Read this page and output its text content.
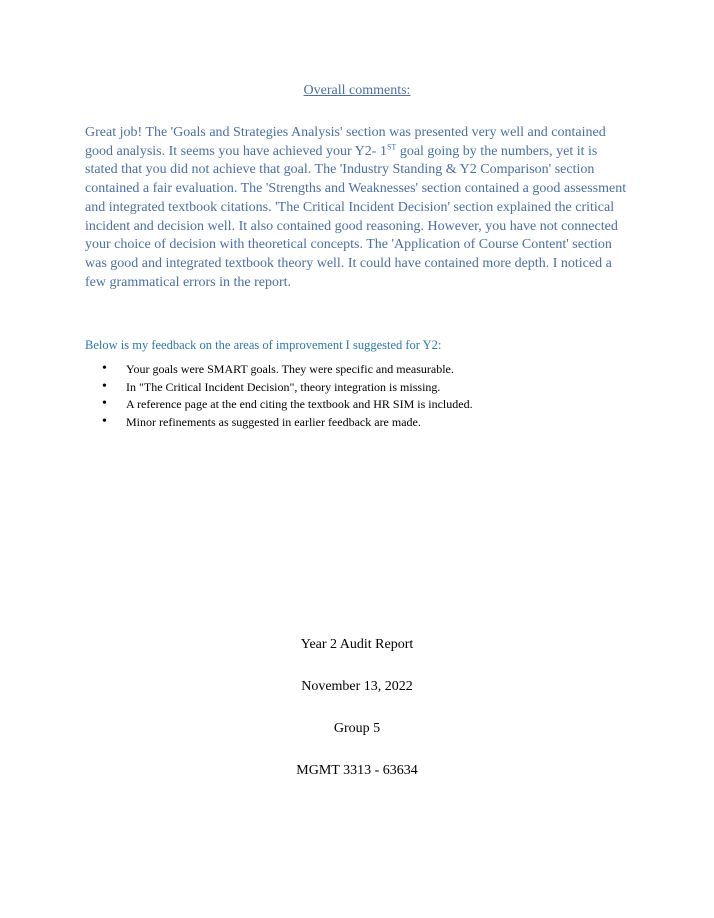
Overall comments:
Great job! The 'Goals and Strategies Analysis' section was presented very well and contained good analysis. It seems you have achieved your Y2- 1ST goal going by the numbers, yet it is stated that you did not achieve that goal. The 'Industry Standing & Y2 Comparison' section contained a fair evaluation. The 'Strengths and Weaknesses' section contained a good assessment and integrated textbook citations. 'The Critical Incident Decision' section explained the critical incident and decision well. It also contained good reasoning. However, you have not connected your choice of decision with theoretical concepts. The 'Application of Course Content' section was good and integrated textbook theory well. It could have contained more depth. I noticed a few grammatical errors in the report.
Below is my feedback on the areas of improvement I suggested for Y2:
• Your goals were SMART goals. They were specific and measurable.
• In "The Critical Incident Decision", theory integration is missing.
• A reference page at the end citing the textbook and HR SIM is included.
• Minor refinements as suggested in earlier feedback are made.
Year 2 Audit Report
November 13, 2022
Group 5
MGMT 3313 - 63634
